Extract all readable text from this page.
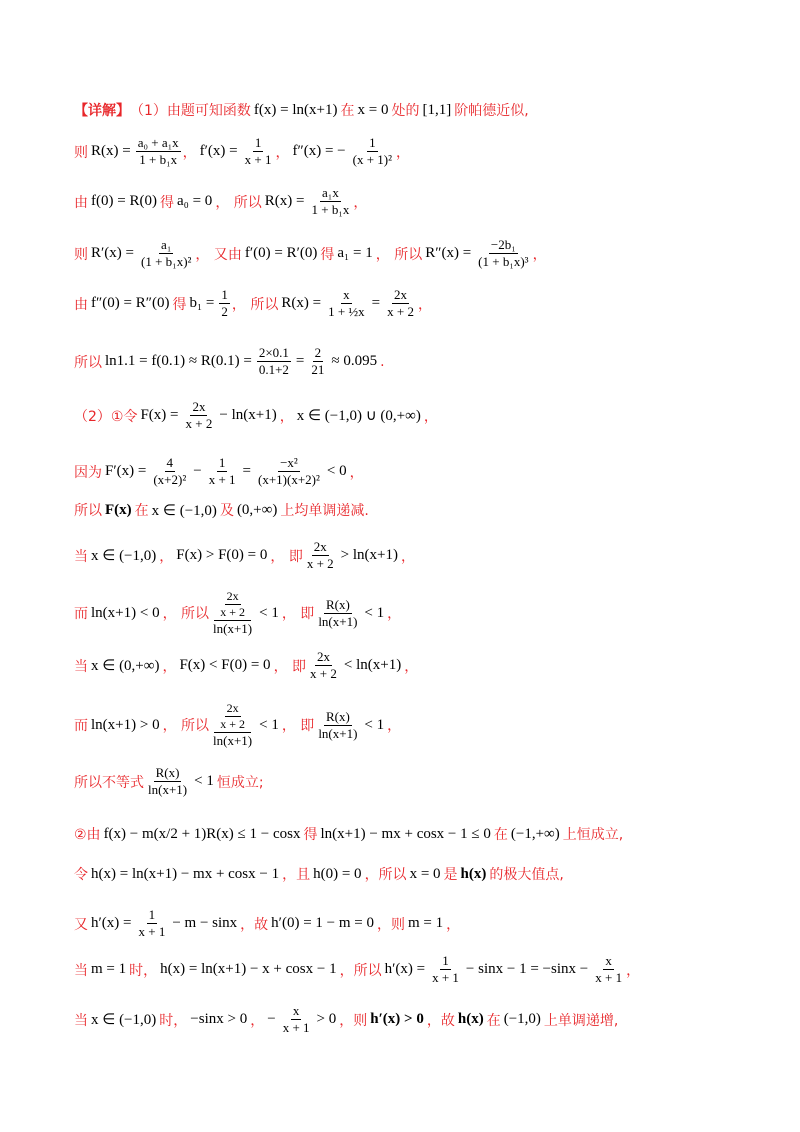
【详解】 （1）由题可知函数 f(x) = ln(x+1) 在 x = 0 处的 [1,1] 阶帕德近似,
则 $R(x) = \frac{\text{a₀ + a₁x}}{\text{1 + b₁x}}$ ， $f'(x) = \frac{1}{x + 1}$ ， f″(x) = − $\frac{1}{\text{(x + 1)²}}$ ，
由 f(0) = R(0) 得 a₀ = 0 ， 所以 $R(x) = \frac{\text{a₁x}}{\text{1 + b₁x}}$ ，
则 $R'(x) = \frac{\text{a₁}}{\text{(1 + b₁x)²}}$ ， 又由 f′(0) = R′(0) 得 a₁ = 1 ， 所以 $R''(x) = \frac{\text{−2b₁}}{\text{(1 + b₁x)³}}$ ，
由 f″(0) = R″(0) 得 $b_1 = \frac{1}{2}$ ， 所以 $R(x) = \frac{x}{\text{1 + ½x}} = \frac{2x}{x + 2}$ ，
所以 $\ln 1.1 = f(0.1) \approx R(0.1) = \frac{2\times 0.1}{0.1+2} = \frac{2}{21} \approx 0.095$ .
（2）①令 $F(x) = \frac{2x}{x + 2} - \ln(x+1)$ ， x ∈ (−1,0) ∪ (0,+∞) ，
因为 $F'(x) = \frac{4}{\text{(x+2)²}} - \frac{1}{x + 1} = \frac{\text{−x²}}{\text{(x+1)(x+2)²}} < 0$ ，
所以 F(x) 在 x ∈ (−1,0) 及 (0,+∞) 上均单调递减.
当 x ∈ (−1,0) ， F(x) > F(0) = 0 ， 即 $\frac{2x}{x + 2} > \ln(x+1)$ ，
而 ln(x+1) < 0 ， 所以 $\frac{\frac{2x}{x + 2}}{\ln(x+1)} < 1$ ， 即 $\frac{R(x)}{\ln(x+1)} < 1$ ，
当 x ∈ (0,+∞) ， F(x) < F(0) = 0 ， 即 $\frac{2x}{x + 2} < \ln(x+1)$ ，
而 ln(x+1) > 0 ， 所以 $\frac{\frac{2x}{x + 2}}{\ln(x+1)} < 1$ ， 即 $\frac{R(x)}{\ln(x+1)} < 1$ ，
所以不等式 $\frac{R(x)}{\ln(x+1)} < 1$ 恒成立;
②由 f(x) − m(x/2 + 1)R(x) ≤ 1 − cosx 得 ln(x+1) − mx + cosx − 1 ≤ 0 在 (−1,+∞) 上恒成立,
令 h(x) = ln(x+1) − mx + cosx − 1 ，且 h(0) = 0 ，所以 x = 0 是 h(x) 的极大值点,
又 $h'(x) = \frac{1}{x + 1} - m - \sin x$ ，故 h′(0) = 1 − m = 0 ，则 m = 1 ，
当 m = 1 时， h(x) = ln(x+1) − x + cosx − 1 ，所以 $h'(x) = \frac{1}{x + 1} - \sin x - 1 = -\sin x - \frac{x}{x + 1}$ ，
当 x ∈ (−1,0) 时， −sinx > 0 ， − $\frac{x}{x + 1} > 0$ ，则 h′(x) > 0 ，故 h(x) 在 (−1,0) 上单调递增,
